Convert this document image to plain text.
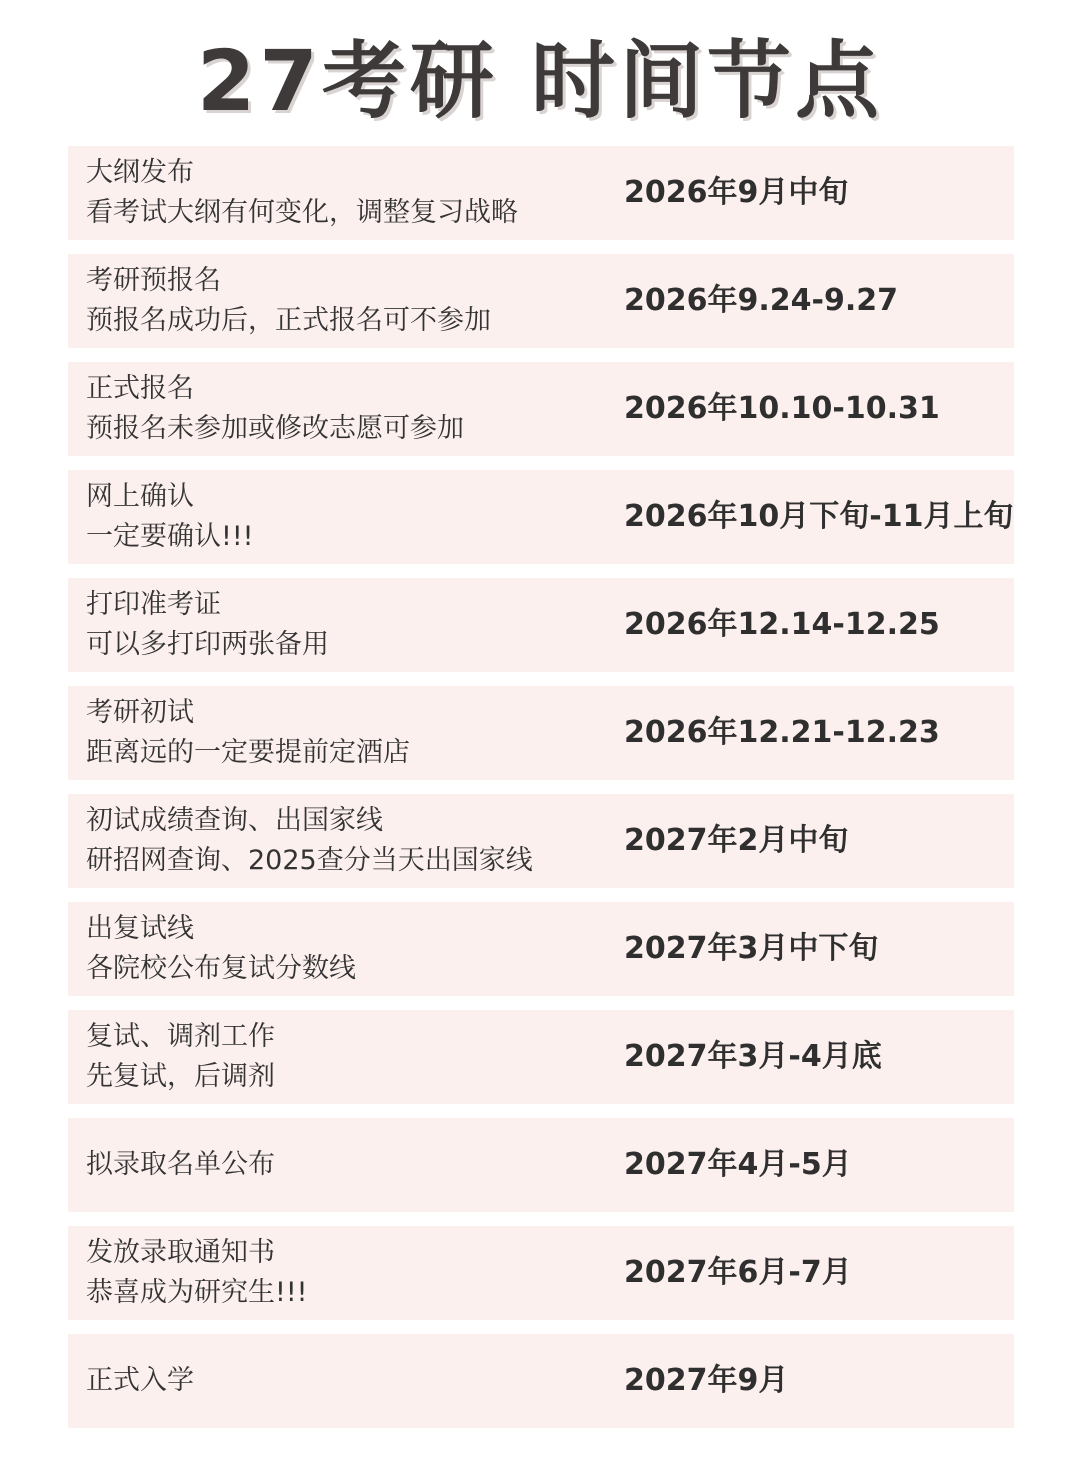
27考研 时间节点
大纲发布
看考试大纲有何变化，调整复习战略
2026年9月中旬
考研预报名
预报名成功后，正式报名可不参加
2026年9.24-9.27
正式报名
预报名未参加或修改志愿可参加
2026年10.10-10.31
网上确认
一定要确认!!!
2026年10月下旬-11月上旬
打印准考证
可以多打印两张备用
2026年12.14-12.25
考研初试
距离远的一定要提前定酒店
2026年12.21-12.23
初试成绩查询、出国家线
研招网查询、2025查分当天出国家线
2027年2月中旬
出复试线
各院校公布复试分数线
2027年3月中下旬
复试、调剂工作
先复试，后调剂
2027年3月-4月底
拟录取名单公布	2027年4月-5月
发放录取通知书
恭喜成为研究生!!!
2027年6月-7月
正式入学	2027年9月
